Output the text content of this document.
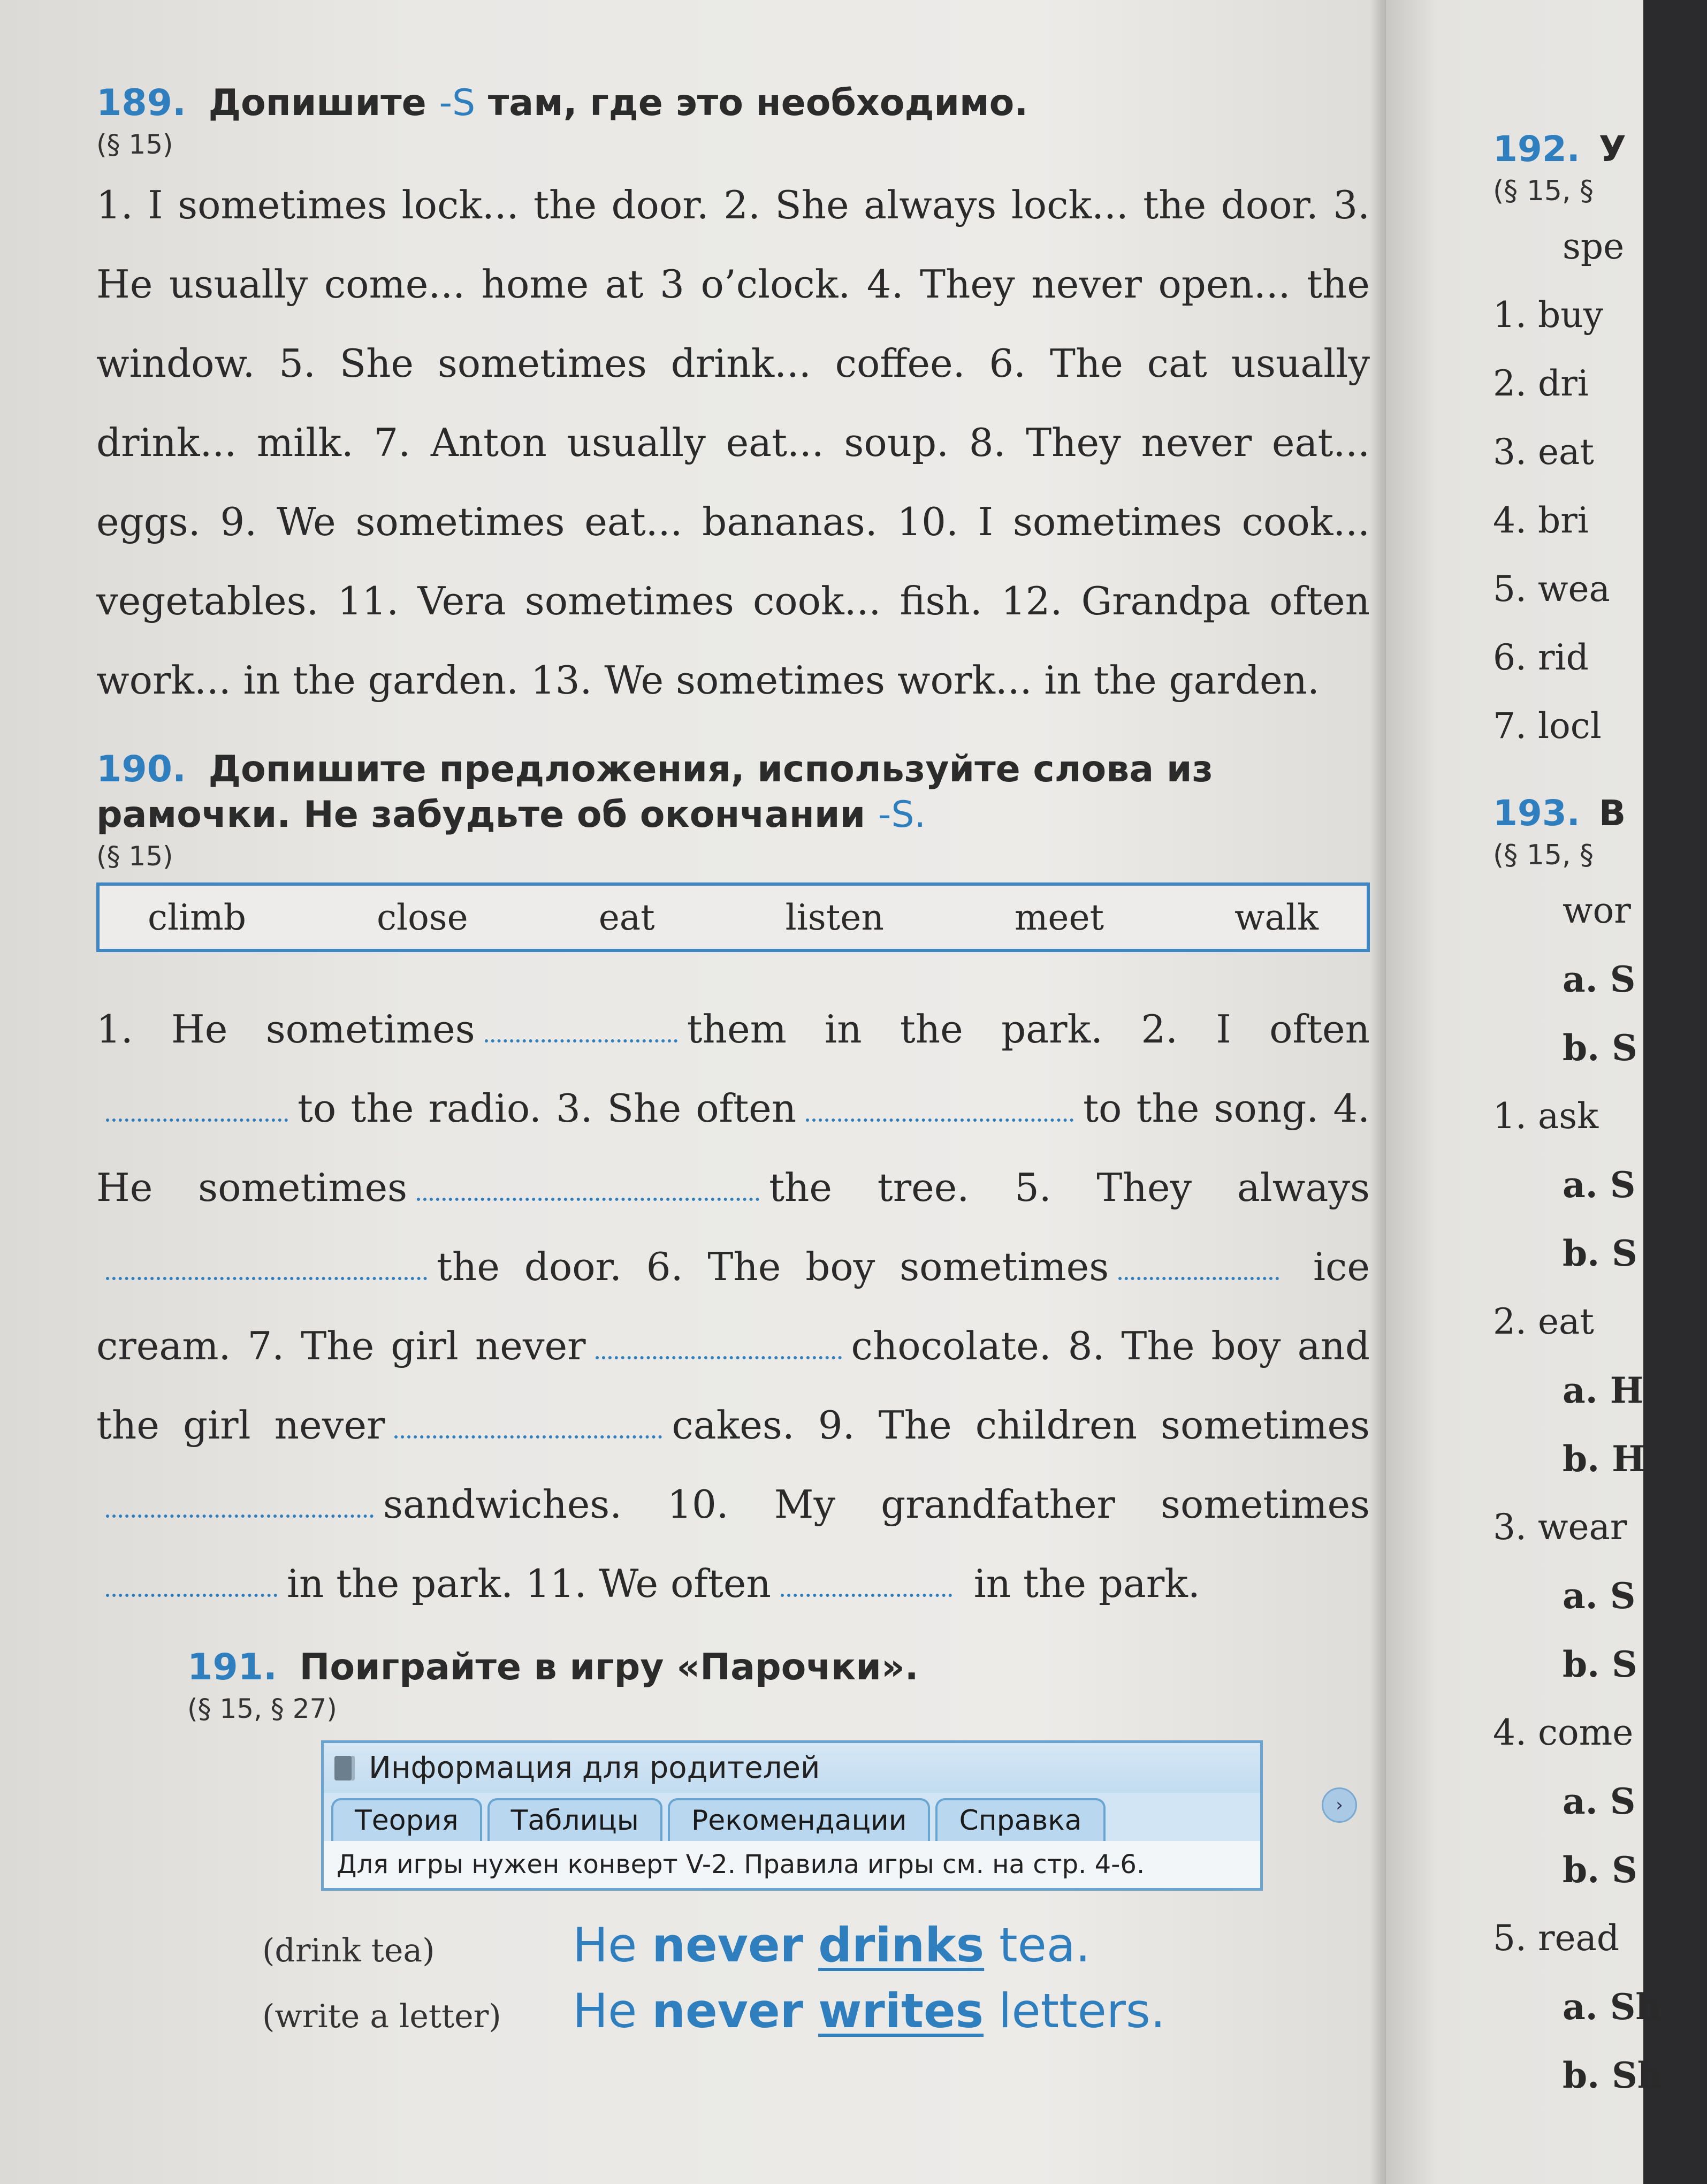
189. Допишите -S там, где это необходимо.
(§ 15)

1. I sometimes lock... the door. 2. She always lock... the door. 3. He usually come... home at 3 o’clock. 4. They never open... the window. 5. She sometimes drink... coffee. 6. The cat usually drink... milk. 7. Anton usually eat... soup. 8. They never eat... eggs. 9. We sometimes eat... bananas. 10. I sometimes cook... vegetables. 11. Vera sometimes cook... fish. 12. Grandpa often work... in the garden. 13. We sometimes work... in the garden.

190. Допишите предложения, используйте слова из рамочки. Не забудьте об окончании -S.
(§ 15)
climb	close	eat	listen	meet	walk

1. He sometimes	them in the park. 2. I often to the radio. 3. She often	to the song. 4. He sometimes	the tree. 5. They always the door. 6. The boy sometimes	ice cream. 7. The girl never	chocolate. 8. The boy and the girl never	cakes. 9. The children sometimes sandwiches. 10. My grandfather sometimesin the park. 11. We often	in the park.

191. Поиграйте в игру «Парочки».
(§ 15, § 27)
Информация для родителей
Теория	Таблицы	Рекомендации	Справка
Для игры нужен конверт V-2. Правила игры см. на стр. 4-6.
(drink tea)	He never drinks tea.
(write a letter)	He never writes letters.
›
192. У
(§ 15, §
spe
1. buy
2. dri
3. eat
4. bri
5. wea
6. rid
7. locl
193. В
(§ 15, §
wor
a. S
b. S
1. ask
a. S
b. S
2. eat
a. H
b. H
3. wear
a. S
b. S
4. come
a. S
b. S
5. read
a. Sh
b. Sh
